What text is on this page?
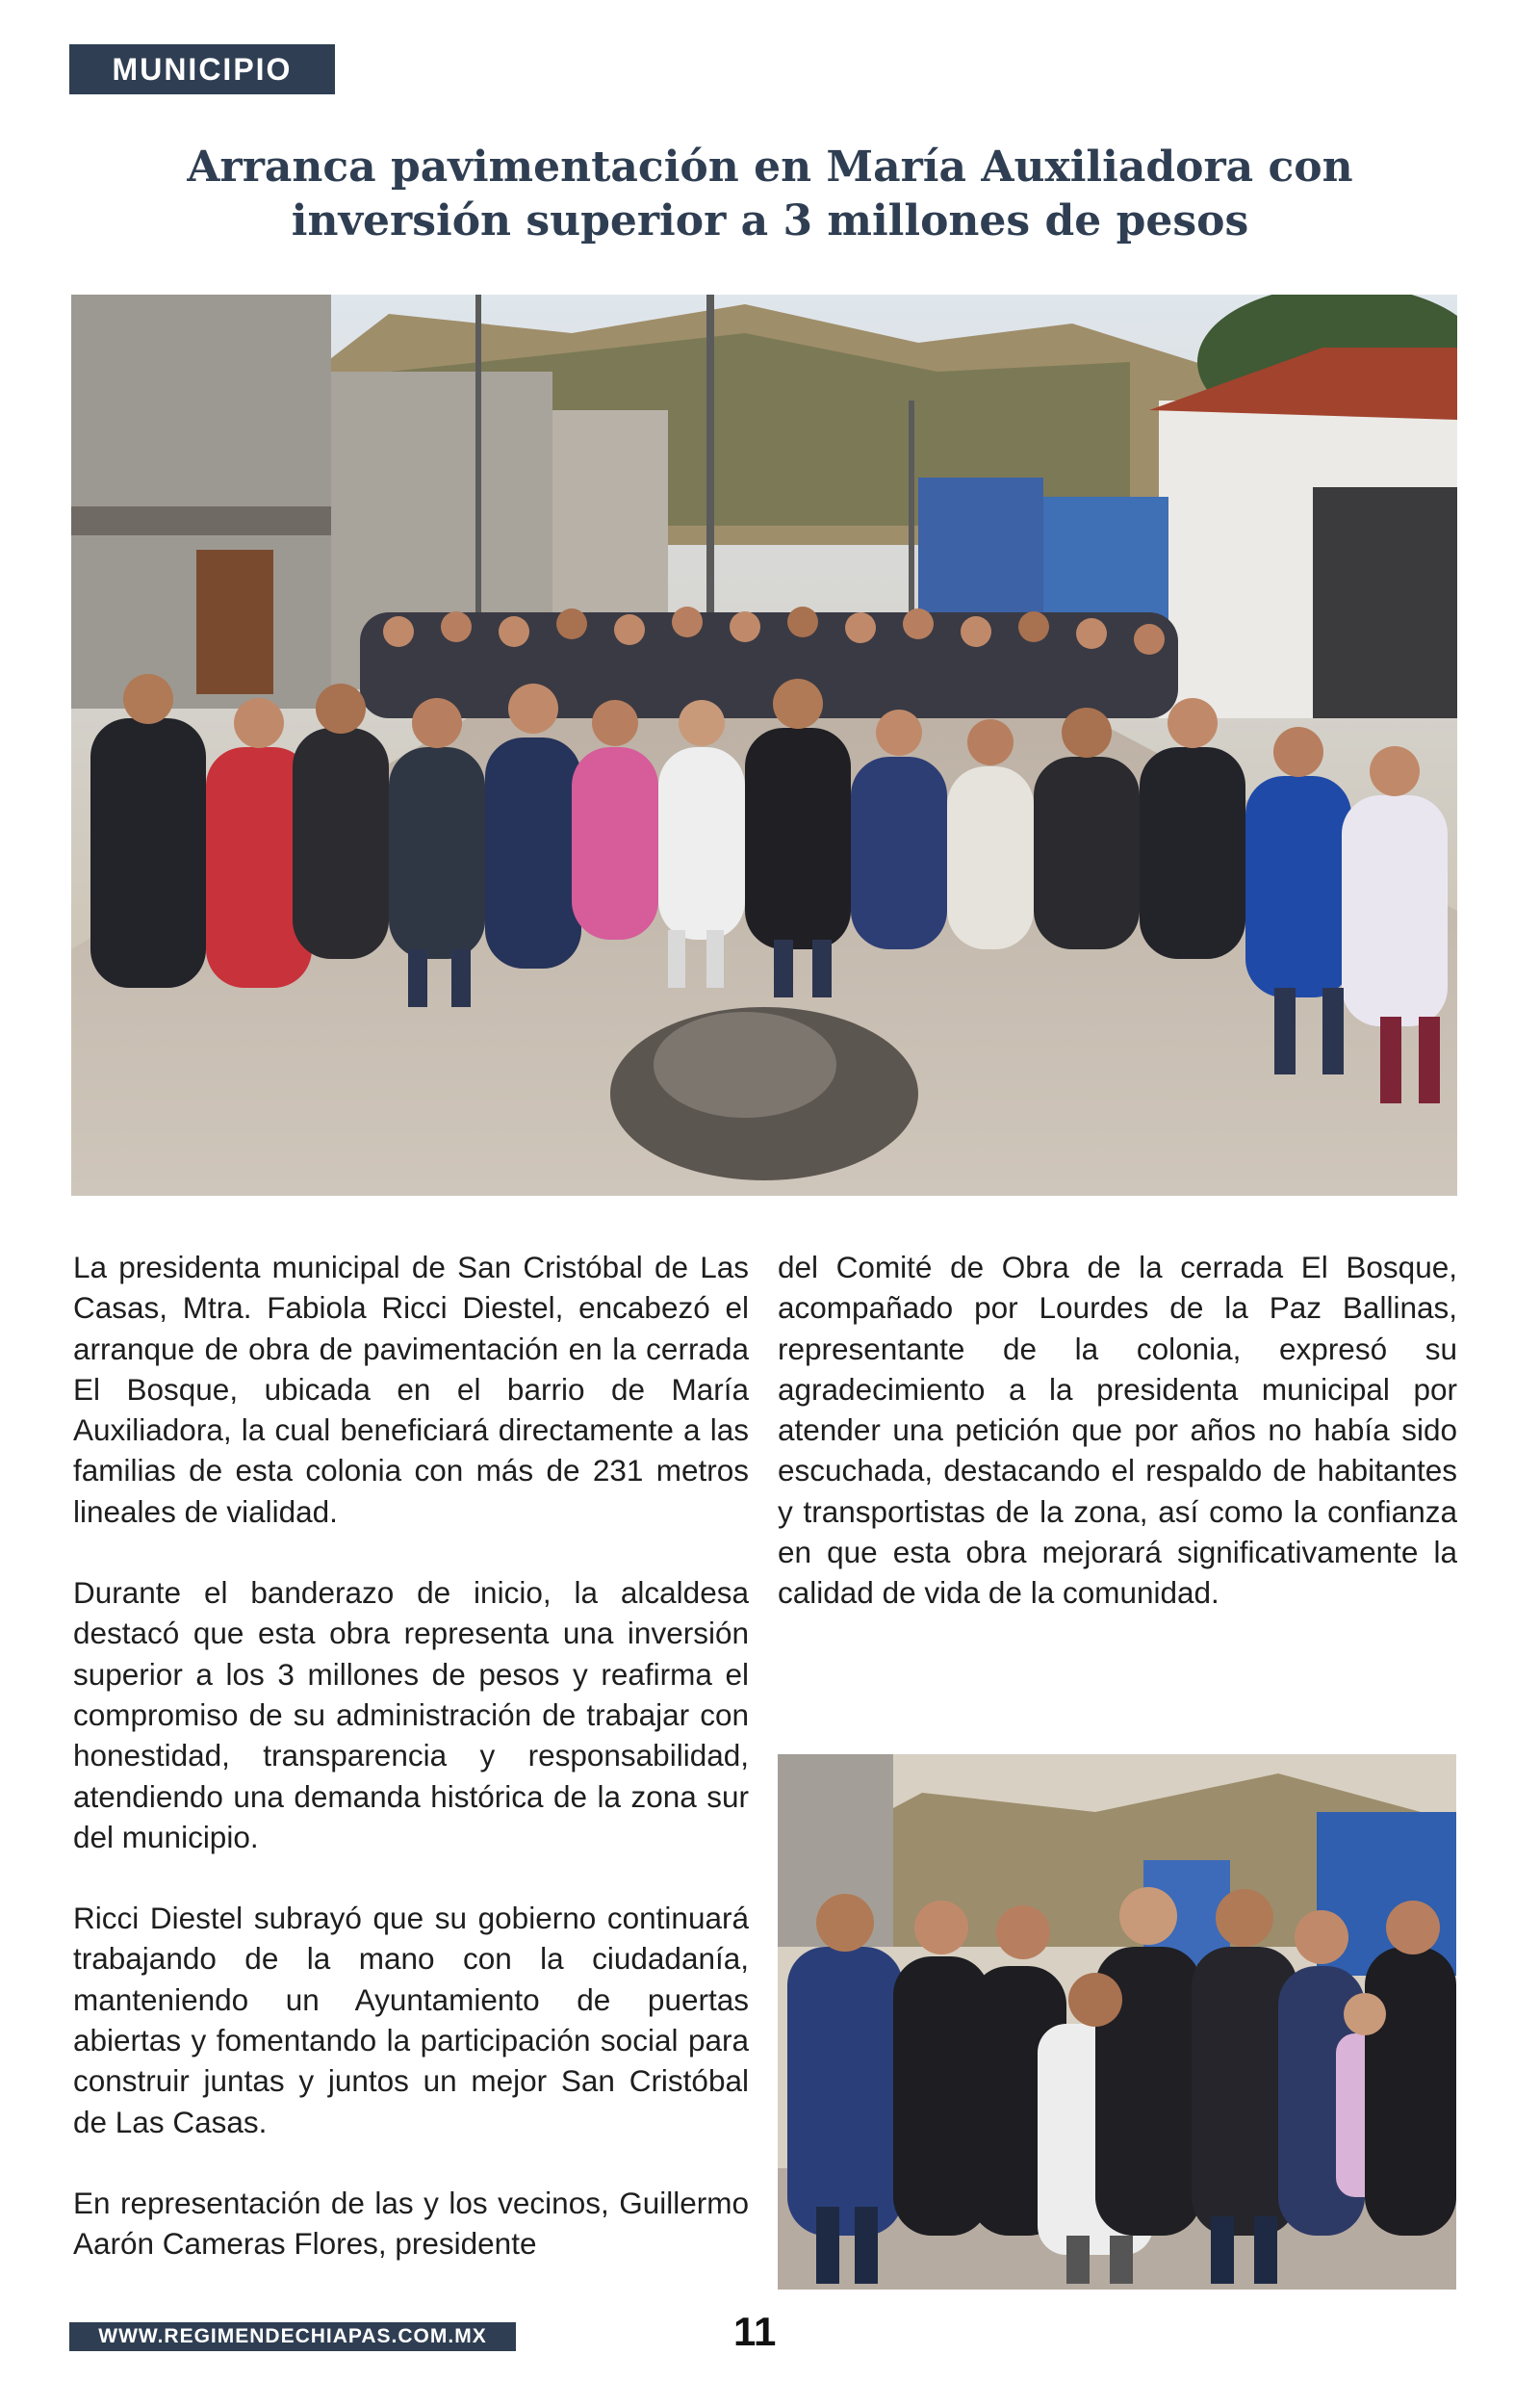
MUNICIPIO
Arranca pavimentación en María Auxiliadora con inversión superior a 3 millones de pesos

La presidenta municipal de San Cristóbal de Las Casas, Mtra. Fabiola Ricci Diestel, encabezó el arranque de obra de pavimentación en la cerrada El Bosque, ubicada en el barrio de María Auxiliadora, la cual beneficiará directamente a las familias de esta colonia con más de 231 metros lineales de vialidad.

Durante el banderazo de inicio, la alcaldesa destacó que esta obra representa una inversión superior a los 3 millones de pesos y reafirma el compromiso de su administración de trabajar con honestidad, transparencia y responsabilidad, atendiendo una demanda histórica de la zona sur del municipio.

Ricci Diestel subrayó que su gobierno continuará trabajando de la mano con la ciudadanía, manteniendo un Ayuntamiento de puertas abiertas y fomentando la participación social para construir juntas y juntos un mejor San Cristóbal de Las Casas.

En representación de las y los vecinos, Guillermo Aarón Cameras Flores, presidente

del Comité de Obra de la cerrada El Bosque, acompañado por Lourdes de la Paz Ballinas, representante de la colonia, expresó su agradecimiento a la presidenta municipal por atender una petición que por años no había sido escuchada, destacando el respaldo de habitantes y transportistas de la zona, así como la confianza en que esta obra mejorará significativamente la calidad de vida de la comunidad.

WWW.REGIMENDECHIAPAS.COM.MX	11
